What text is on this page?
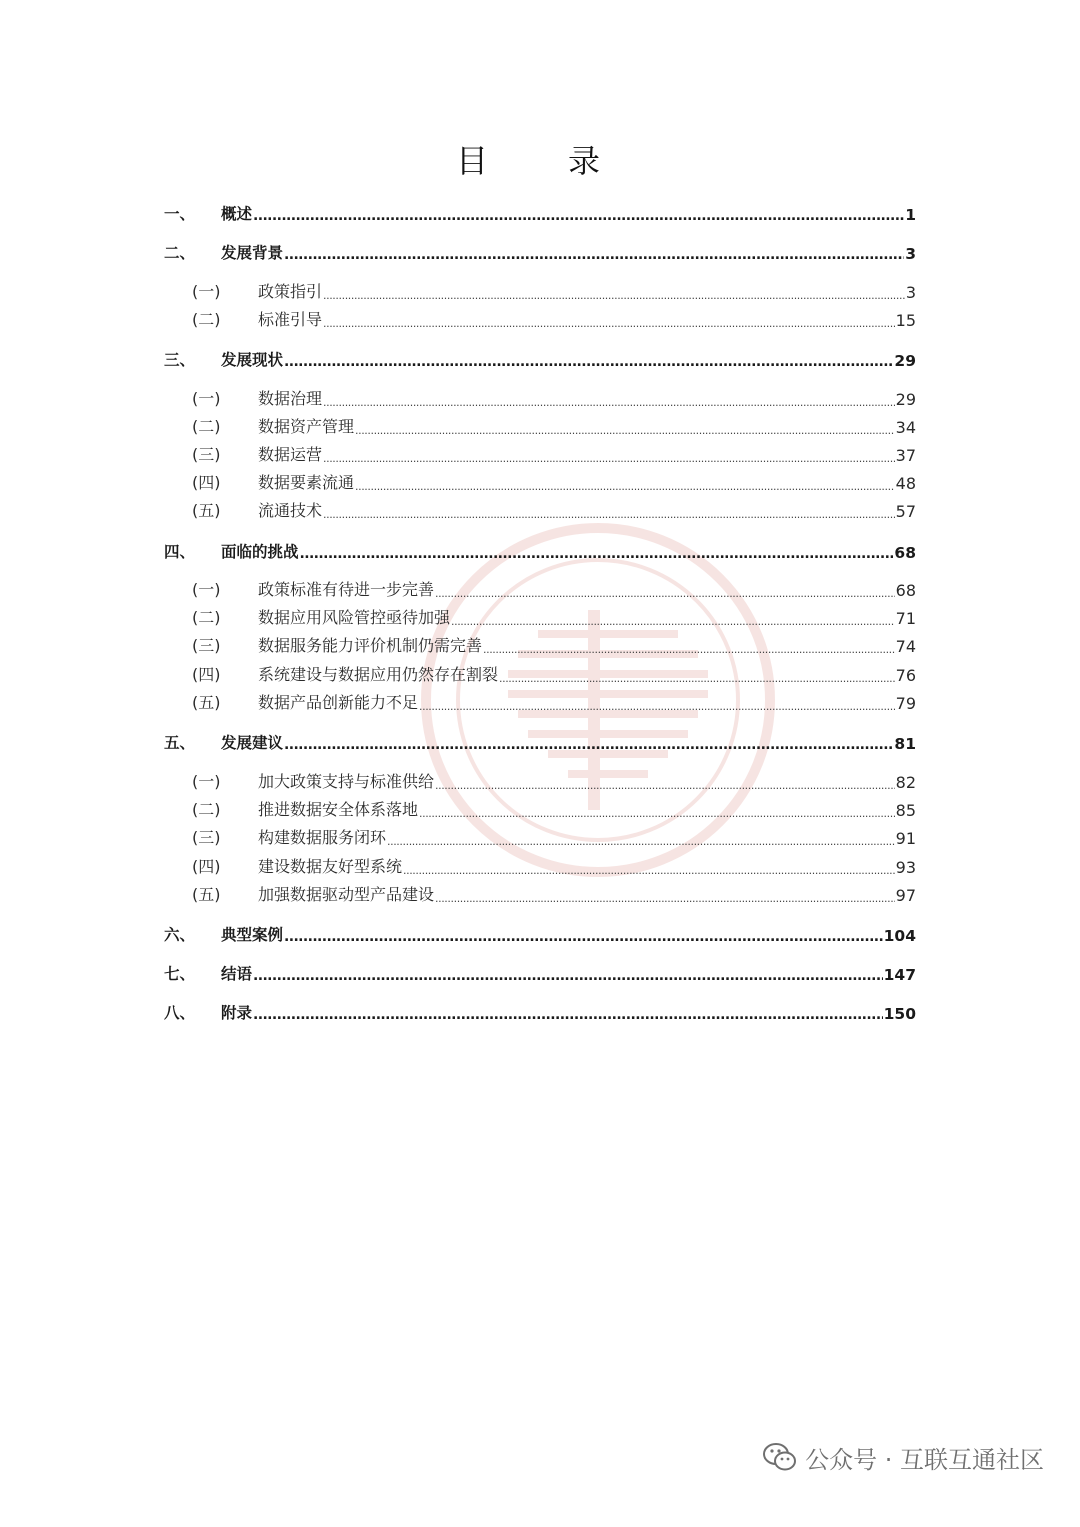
目　录
一、	概述 .....	1
二、	发展背景 .....	3
(一)	政策指引 .....	3
(二)	标准引导 .....	15
三、	发展现状 .....	29
(一)	数据治理 .....	29
(二)	数据资产管理 .....	34
(三)	数据运营 .....	37
(四)	数据要素流通 .....	48
(五)	流通技术 .....	57
四、	面临的挑战 .....	68
(一)	政策标准有待进一步完善 .....	68
(二)	数据应用风险管控亟待加强 .....	71
(三)	数据服务能力评价机制仍需完善 .....	74
(四)	系统建设与数据应用仍然存在割裂 .....	76
(五)	数据产品创新能力不足 .....	79
五、	发展建议 .....	81
(一)	加大政策支持与标准供给 .....	82
(二)	推进数据安全体系落地 .....	85
(三)	构建数据服务闭环 .....	91
(四)	建设数据友好型系统 .....	93
(五)	加强数据驱动型产品建设 .....	97
六、	典型案例 .....	104
七、	结语 .....	147
八、	附录 .....	150
公众号 · 互联互通社区
